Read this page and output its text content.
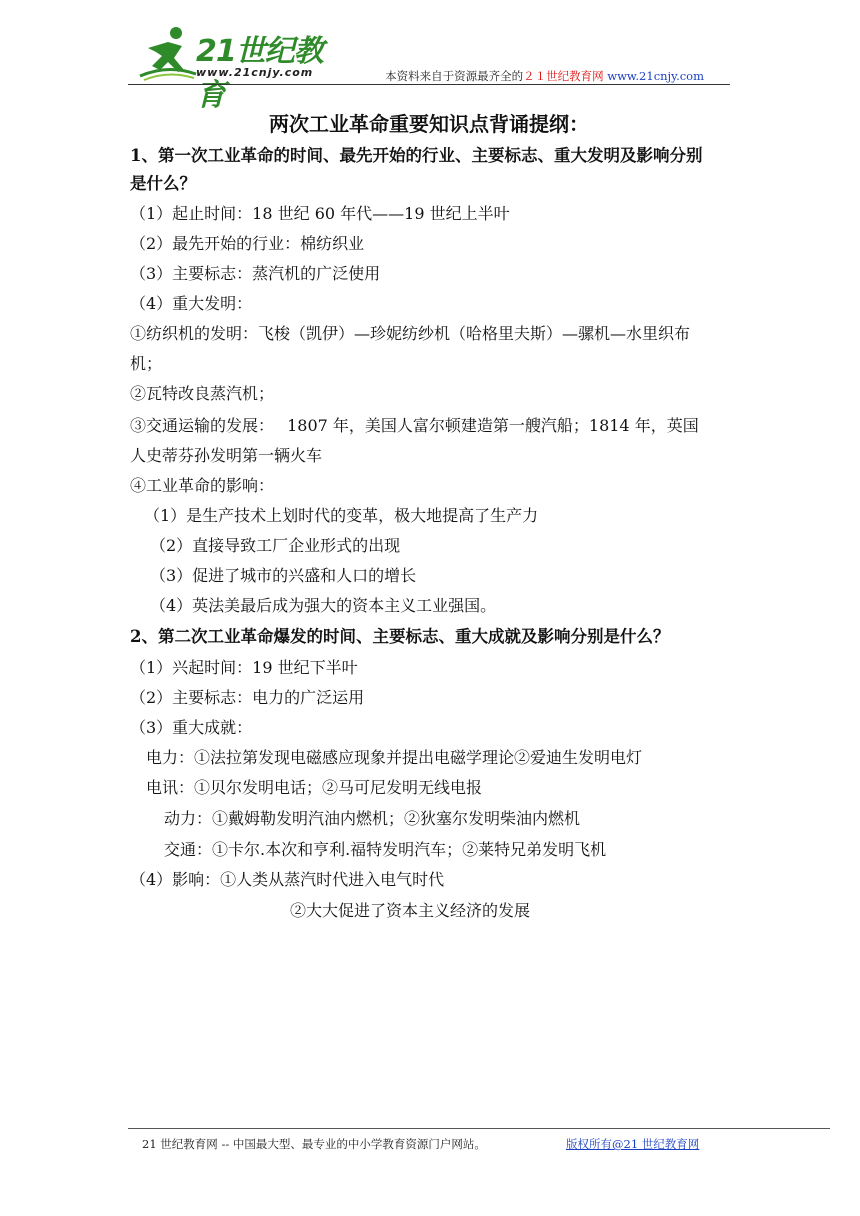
21世纪教育
www.21cnjy.com	本资料来自于资源最齐全的２１世纪教育网 www.21cnjy.com
两次工业革命重要知识点背诵提纲：
1、第一次工业革命的时间、最先开始的行业、主要标志、重大发明及影响分别
是什么？
（1）起止时间：18 世纪 60 年代——19 世纪上半叶
（2）最先开始的行业：棉纺织业
（3）主要标志：蒸汽机的广泛使用
（4）重大发明：
①纺织机的发明：飞梭（凯伊）—珍妮纺纱机（哈格里夫斯）—骡机—水里织布
机；
②瓦特改良蒸汽机；
③交通运输的发展：　 1807 年，美国人富尔顿建造第一艘汽船；1814 年，英国
人史蒂芬孙发明第一辆火车
④工业革命的影响：
（1）是生产技术上划时代的变革，极大地提高了生产力
（2）直接导致工厂企业形式的出现
（3）促进了城市的兴盛和人口的增长
（4）英法美最后成为强大的资本主义工业强国。
2、第二次工业革命爆发的时间、主要标志、重大成就及影响分别是什么？
（1）兴起时间：19 世纪下半叶
（2）主要标志：电力的广泛运用
（3）重大成就：
电力：①法拉第发现电磁感应现象并提出电磁学理论②爱迪生发明电灯
电讯：①贝尔发明电话；②马可尼发明无线电报
动力：①戴姆勒发明汽油内燃机；②狄塞尔发明柴油内燃机
交通：①卡尔.本次和亨利.福特发明汽车；②莱特兄弟发明飞机
（4）影响：①人类从蒸汽时代进入电气时代
②大大促进了资本主义经济的发展
21 世纪教育网 -- 中国最大型、最专业的中小学教育资源门户网站。	版权所有@21 世纪教育网
